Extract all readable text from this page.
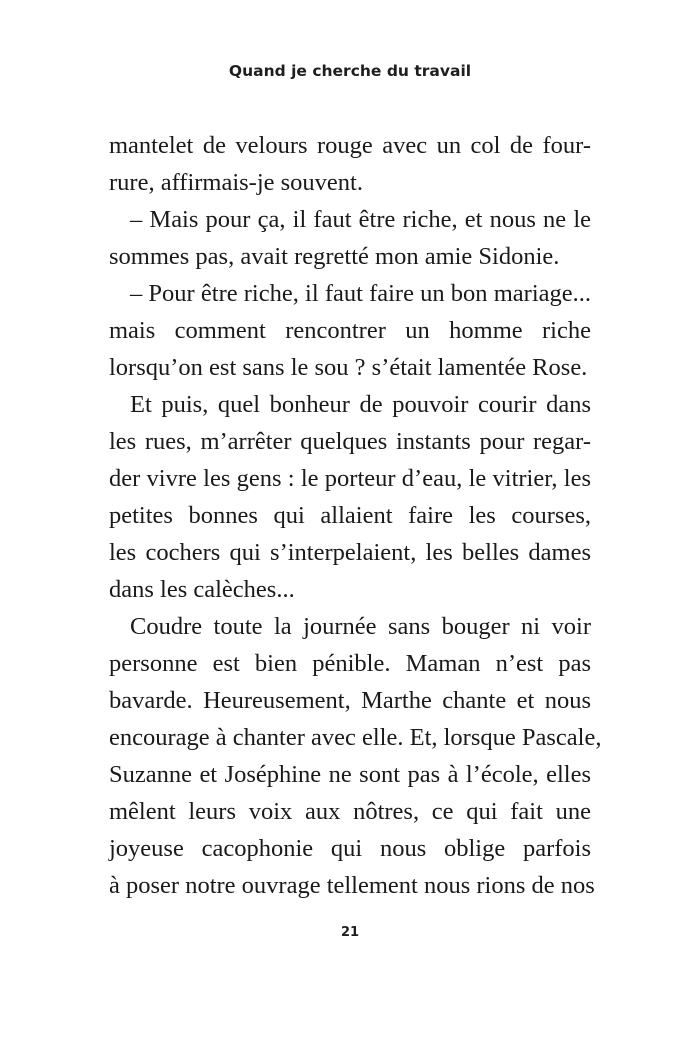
Quand je cherche du travail
mantelet de velours rouge avec un col de four-
rure, affirmais-je souvent.
– Mais pour ça, il faut être riche, et nous ne le
sommes pas, avait regretté mon amie Sidonie.
– Pour être riche, il faut faire un bon mariage...
mais comment rencontrer un homme riche
lorsqu’on est sans le sou ? s’était lamentée Rose.
Et puis, quel bonheur de pouvoir courir dans
les rues, m’arrêter quelques instants pour regar-
der vivre les gens : le porteur d’eau, le vitrier, les
petites bonnes qui allaient faire les courses,
les cochers qui s’interpelaient, les belles dames
dans les calèches...
Coudre toute la journée sans bouger ni voir
personne est bien pénible. Maman n’est pas
bavarde. Heureusement, Marthe chante et nous
encourage à chanter avec elle. Et, lorsque Pascale,
Suzanne et Joséphine ne sont pas à l’école, elles
mêlent leurs voix aux nôtres, ce qui fait une
joyeuse cacophonie qui nous oblige parfois
à poser notre ouvrage tellement nous rions de nos
21
